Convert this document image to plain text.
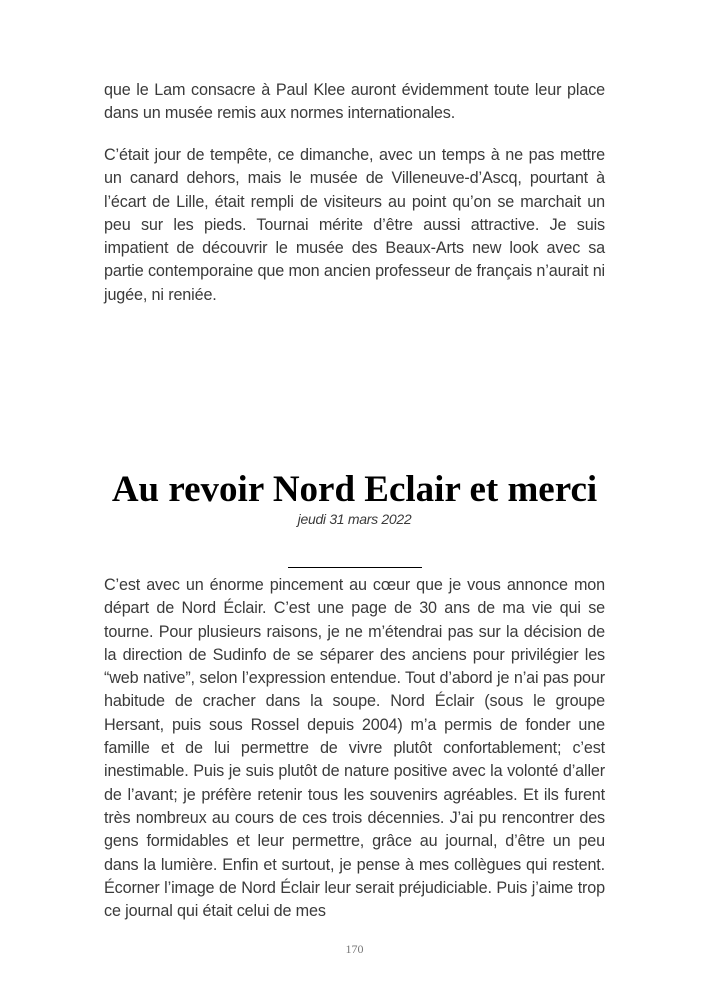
que le Lam consacre à Paul Klee auront évidemment toute leur place dans un musée remis aux normes internationales.

C’était jour de tempête, ce dimanche, avec un temps à ne pas mettre un canard dehors, mais le musée de Villeneuve-d’Ascq, pourtant à l’écart de Lille, était rempli de visiteurs au point qu’on se marchait un peu sur les pieds. Tournai mérite d’être aussi attractive. Je suis impatient de découvrir le musée des Beaux-Arts new look avec sa partie contemporaine que mon ancien professeur de français n’aurait ni jugée, ni reniée.

Au revoir Nord Eclair et merci
jeudi 31 mars 2022

C’est avec un énorme pincement au cœur que je vous annonce mon départ de Nord Éclair. C’est une page de 30 ans de ma vie qui se tourne. Pour plusieurs raisons, je ne m’étendrai pas sur la décision de la direction de Sudinfo de se séparer des anciens pour privilégier les “web native”, selon l’expression entendue. Tout d’abord je n’ai pas pour habitude de cracher dans la soupe. Nord Éclair (sous le groupe Hersant, puis sous Rossel depuis 2004) m’a permis de fonder une famille et de lui permettre de vivre plutôt confortablement; c’est inestimable. Puis je suis plutôt de nature positive avec la volonté d’aller de l’avant; je préfère retenir tous les souvenirs agréables. Et ils furent très nombreux au cours de ces trois décennies. J’ai pu rencontrer des gens formidables et leur permettre, grâce au journal, d’être un peu dans la lumière. Enfin et surtout, je pense à mes collègues qui restent. Écorner l’image de Nord Éclair leur serait préjudiciable. Puis j’aime trop ce journal qui était celui de mes

170
